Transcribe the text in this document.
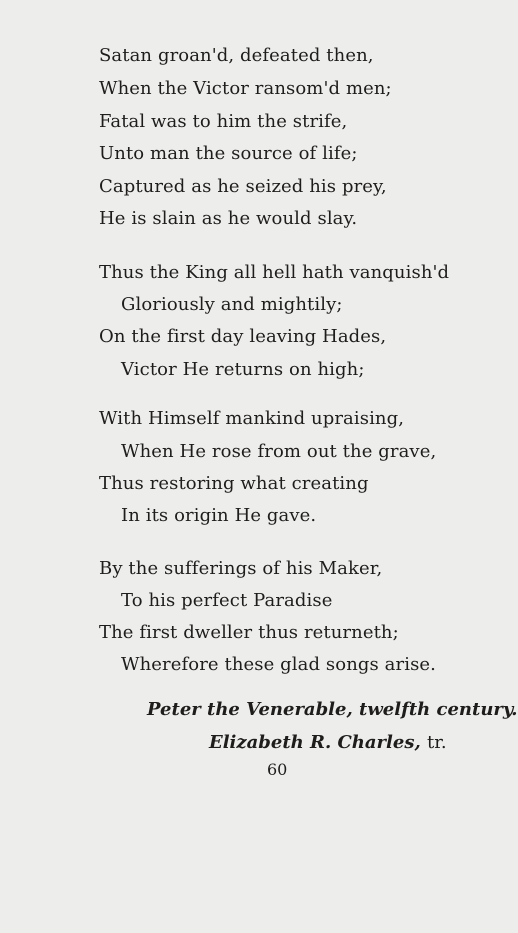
Satan groan'd, defeated then,
When the Victor ransom'd men;
Fatal was to him the strife,
Unto man the source of life;
Captured as he seized his prey,
He is slain as he would slay.
Thus the King all hell hath vanquish'd
Gloriously and mightily;
On the first day leaving Hades,
Victor He returns on high;
With Himself mankind upraising,
When He rose from out the grave,
Thus restoring what creating
In its origin He gave.
By the sufferings of his Maker,
To his perfect Paradise
The first dweller thus returneth;
Wherefore these glad songs arise.
Peter the Venerable, twelfth century.
Elizabeth R. Charles, tr.
60
